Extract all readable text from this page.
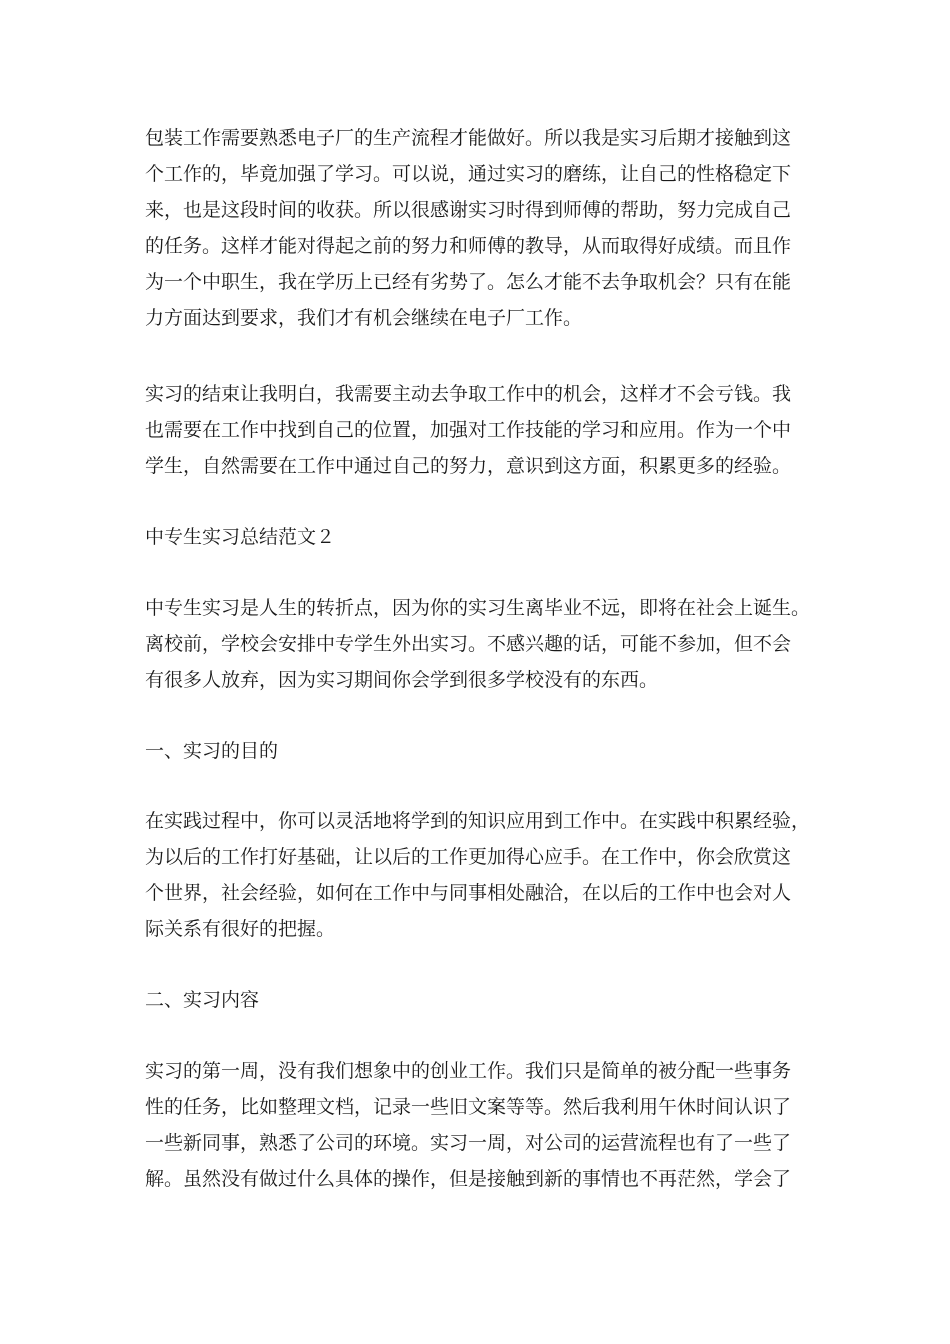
包装工作需要熟悉电子厂的生产流程才能做好。所以我是实习后期才接触到这
个工作的，毕竟加强了学习。可以说，通过实习的磨练，让自己的性格稳定下
来，也是这段时间的收获。所以很感谢实习时得到师傅的帮助，努力完成自己
的任务。这样才能对得起之前的努力和师傅的教导，从而取得好成绩。而且作
为一个中职生，我在学历上已经有劣势了。怎么才能不去争取机会？只有在能
力方面达到要求，我们才有机会继续在电子厂工作。
实习的结束让我明白，我需要主动去争取工作中的机会，这样才不会亏钱。我
也需要在工作中找到自己的位置，加强对工作技能的学习和应用。作为一个中
学生，自然需要在工作中通过自己的努力，意识到这方面，积累更多的经验。
中专生实习总结范文２
中专生实习是人生的转折点，因为你的实习生离毕业不远，即将在社会上诞生。
离校前，学校会安排中专学生外出实习。不感兴趣的话，可能不参加，但不会
有很多人放弃，因为实习期间你会学到很多学校没有的东西。
一、实习的目的
在实践过程中，你可以灵活地将学到的知识应用到工作中。在实践中积累经验，
为以后的工作打好基础，让以后的工作更加得心应手。在工作中，你会欣赏这
个世界，社会经验，如何在工作中与同事相处融洽，在以后的工作中也会对人
际关系有很好的把握。
二、实习内容
实习的第一周，没有我们想象中的创业工作。我们只是简单的被分配一些事务
性的任务，比如整理文档，记录一些旧文案等等。然后我利用午休时间认识了
一些新同事，熟悉了公司的环境。实习一周，对公司的运营流程也有了一些了
解。虽然没有做过什么具体的操作，但是接触到新的事情也不再茫然，学会了
